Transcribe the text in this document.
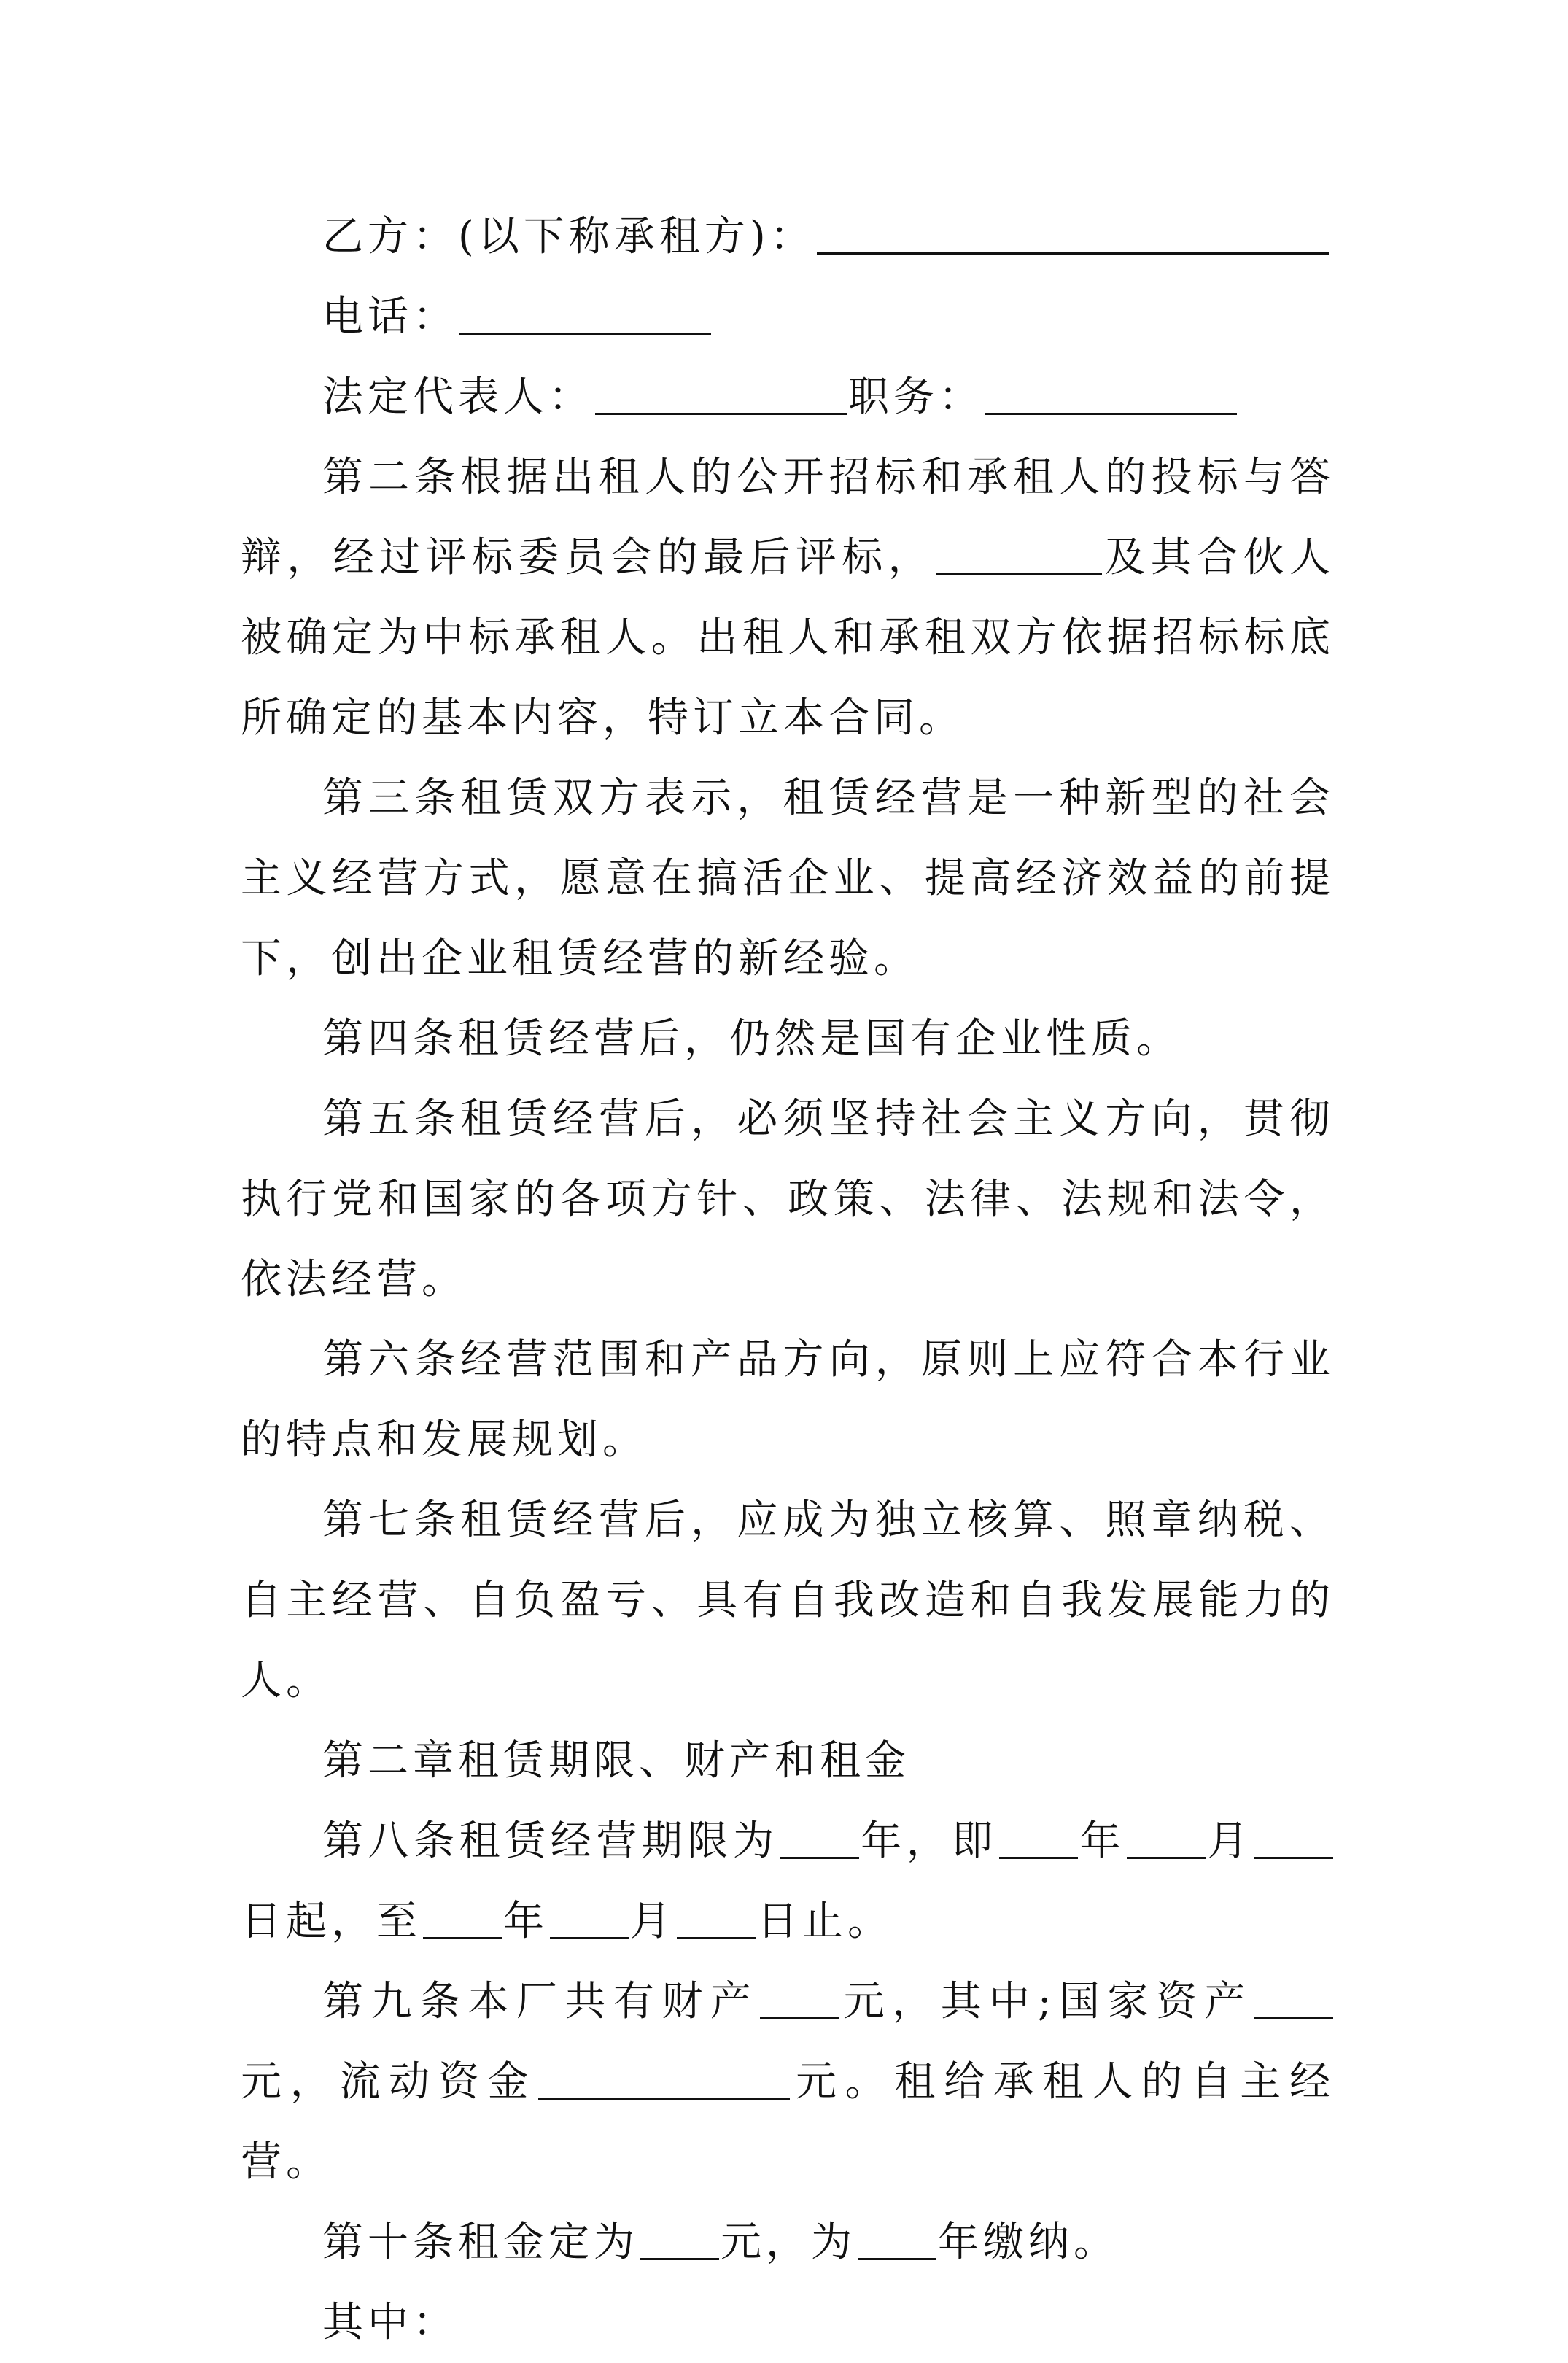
乙方：(以下称承租方)：

电话：

法定代表人：	职务：

第二条根据出租人的公开招标和承租人的投标与答辩，经过评标委员会的最后评标，	及其合伙人被确定为中标承租人。出租人和承租双方依据招标标底所确定的基本内容，特订立本合同。

第三条租赁双方表示，租赁经营是一种新型的社会主义经营方式，愿意在搞活企业、提高经济效益的前提下，创出企业租赁经营的新经验。

第四条租赁经营后，仍然是国有企业性质。

第五条租赁经营后，必须坚持社会主义方向，贯彻执行党和国家的各项方针、政策、法律、法规和法令，依法经营。

第六条经营范围和产品方向，原则上应符合本行业的特点和发展规划。

第七条租赁经营后，应成为独立核算、照章纳税、自主经营、自负盈亏、具有自我改造和自我发展能力的人。

第二章租赁期限、财产和租金

第八条租赁经营期限为 年，即 年 月日起，至 年 月 日止。

第九条本厂共有财产 元，其中;国家资产元，流动资金	元。租给承租人的自主经营。

第十条租金定为 元，为 年缴纳。

其中：
